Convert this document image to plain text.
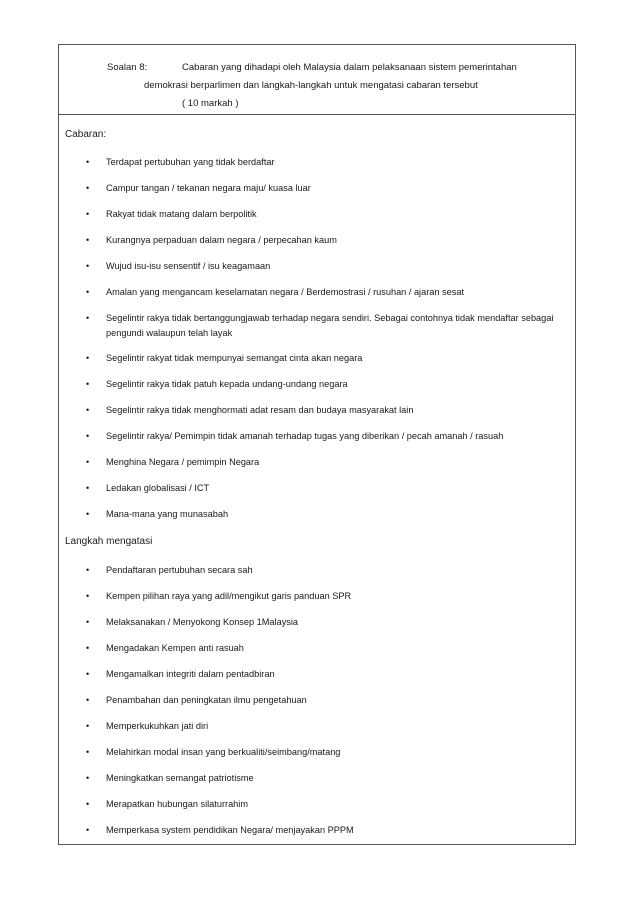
Soalan 8:	Cabaran yang dihadapi oleh Malaysia dalam pelaksanaan sistem pemerintahan
demokrasi berparlimen dan langkah-langkah untuk mengatasi cabaran tersebut
( 10 markah )
Cabaran:
• Terdapat pertubuhan yang tidak berdaftar
• Campur tangan / tekanan negara maju/ kuasa luar
• Rakyat tidak matang dalam berpolitik
• Kurangnya perpaduan dalam negara / perpecahan kaum
• Wujud isu-isu sensentif / isu keagamaan
• Amalan yang mengancam keselamatan negara / Berdemostrasi / rusuhan / ajaran sesat
• Segelintir rakya tidak bertanggungjawab terhadap negara sendiri. Sebagai contohnya tidak mendaftar sebagai pengundi walaupun telah layak
• Segelintir rakyat tidak mempunyai semangat cinta akan negara
• Segelintir rakya tidak patuh kepada undang-undang negara
• Segelintir rakya tidak menghormati adat resam dan budaya masyarakat lain
• Segelintir rakya/ Pemimpin tidak amanah terhadap tugas yang diberikan / pecah amanah / rasuah
• Menghina Negara / pemimpin Negara
• Ledakan globalisasi / ICT
• Mana-mana yang munasabah
Langkah mengatasi
• Pendaftaran pertubuhan secara sah
• Kempen pilihan raya yang adil/mengikut garis panduan SPR
• Melaksanakan / Menyokong Konsep 1Malaysia
• Mengadakan Kempen anti rasuah
• Mengamalkan integriti dalam pentadbiran
• Penambahan dan peningkatan ilmu pengetahuan
• Memperkukuhkan jati diri
• Melahirkan modal insan yang berkualiti/seimbang/matang
• Meningkatkan semangat patriotisme
• Merapatkan hubungan silaturrahim
• Memperkasa system pendidikan Negara/ menjayakan PPPM
